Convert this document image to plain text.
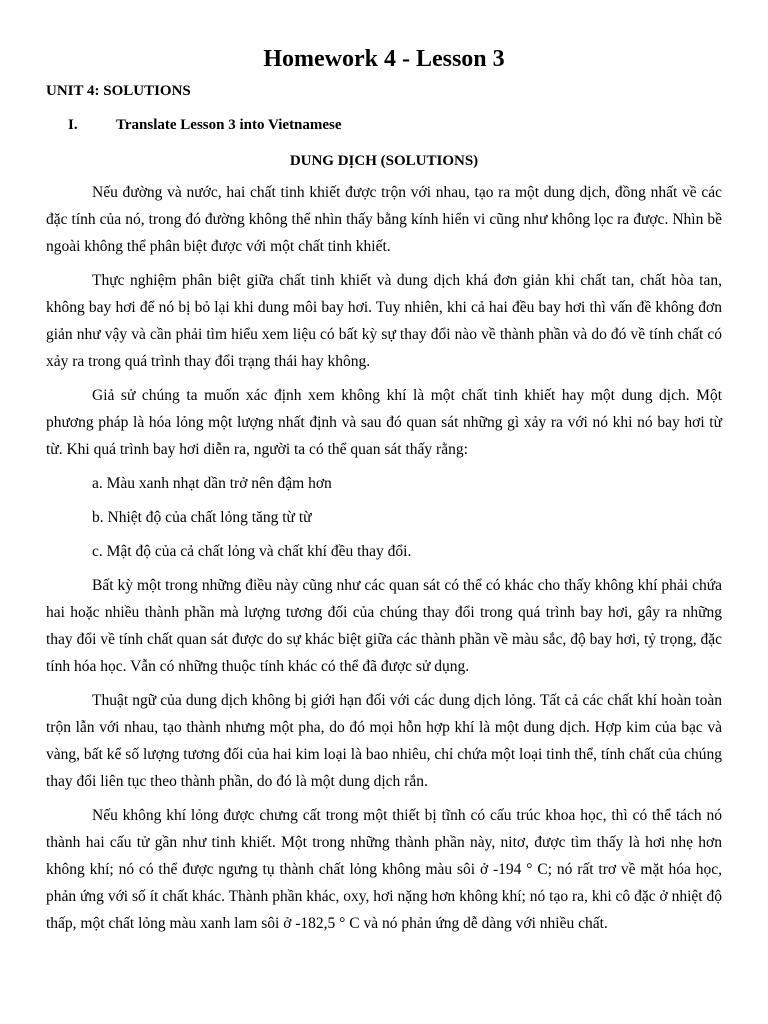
Homework 4 - Lesson 3
UNIT 4: SOLUTIONS
I.	Translate Lesson 3 into Vietnamese
DUNG DỊCH (SOLUTIONS)

Nếu đường và nước, hai chất tinh khiết được trộn với nhau, tạo ra một dung dịch, đồng nhất về các đặc tính của nó, trong đó đường không thể nhìn thấy bằng kính hiển vi cũng như không lọc ra được. Nhìn bề ngoài không thể phân biệt được với một chất tinh khiết.

Thực nghiệm phân biệt giữa chất tinh khiết và dung dịch khá đơn giản khi chất tan, chất hòa tan, không bay hơi để nó bị bỏ lại khi dung môi bay hơi. Tuy nhiên, khi cả hai đều bay hơi thì vấn đề không đơn giản như vậy và cần phải tìm hiểu xem liệu có bất kỳ sự thay đổi nào về thành phần và do đó về tính chất có xảy ra trong quá trình thay đổi trạng thái hay không.

Giả sử chúng ta muốn xác định xem không khí là một chất tinh khiết hay một dung dịch. Một phương pháp là hóa lỏng một lượng nhất định và sau đó quan sát những gì xảy ra với nó khi nó bay hơi từ từ. Khi quá trình bay hơi diễn ra, người ta có thể quan sát thấy rằng:

a. Màu xanh nhạt dần trở nên đậm hơn

b. Nhiệt độ của chất lỏng tăng từ từ

c. Mật độ của cả chất lỏng và chất khí đều thay đổi.

Bất kỳ một trong những điều này cũng như các quan sát có thể có khác cho thấy không khí phải chứa hai hoặc nhiều thành phần mà lượng tương đối của chúng thay đổi trong quá trình bay hơi, gây ra những thay đổi về tính chất quan sát được do sự khác biệt giữa các thành phần về màu sắc, độ bay hơi, tỷ trọng, đặc tính hóa học. Vẫn có những thuộc tính khác có thể đã được sử dụng.

Thuật ngữ của dung dịch không bị giới hạn đối với các dung dịch lỏng. Tất cả các chất khí hoàn toàn trộn lẫn với nhau, tạo thành nhưng một pha, do đó mọi hỗn hợp khí là một dung dịch. Hợp kim của bạc và vàng, bất kể số lượng tương đối của hai kim loại là bao nhiêu, chỉ chứa một loại tinh thể, tính chất của chúng thay đổi liên tục theo thành phần, do đó là một dung dịch rắn.

Nếu không khí lỏng được chưng cất trong một thiết bị tĩnh có cấu trúc khoa học, thì có thể tách nó thành hai cấu tử gần như tinh khiết. Một trong những thành phần này, nitơ, được tìm thấy là hơi nhẹ hơn không khí; nó có thể được ngưng tụ thành chất lỏng không màu sôi ở -194 ° C; nó rất trơ về mặt hóa học, phản ứng với số ít chất khác. Thành phần khác, oxy, hơi nặng hơn không khí; nó tạo ra, khi cô đặc ở nhiệt độ thấp, một chất lỏng màu xanh lam sôi ở -182,5 ° C và nó phản ứng dễ dàng với nhiều chất.
